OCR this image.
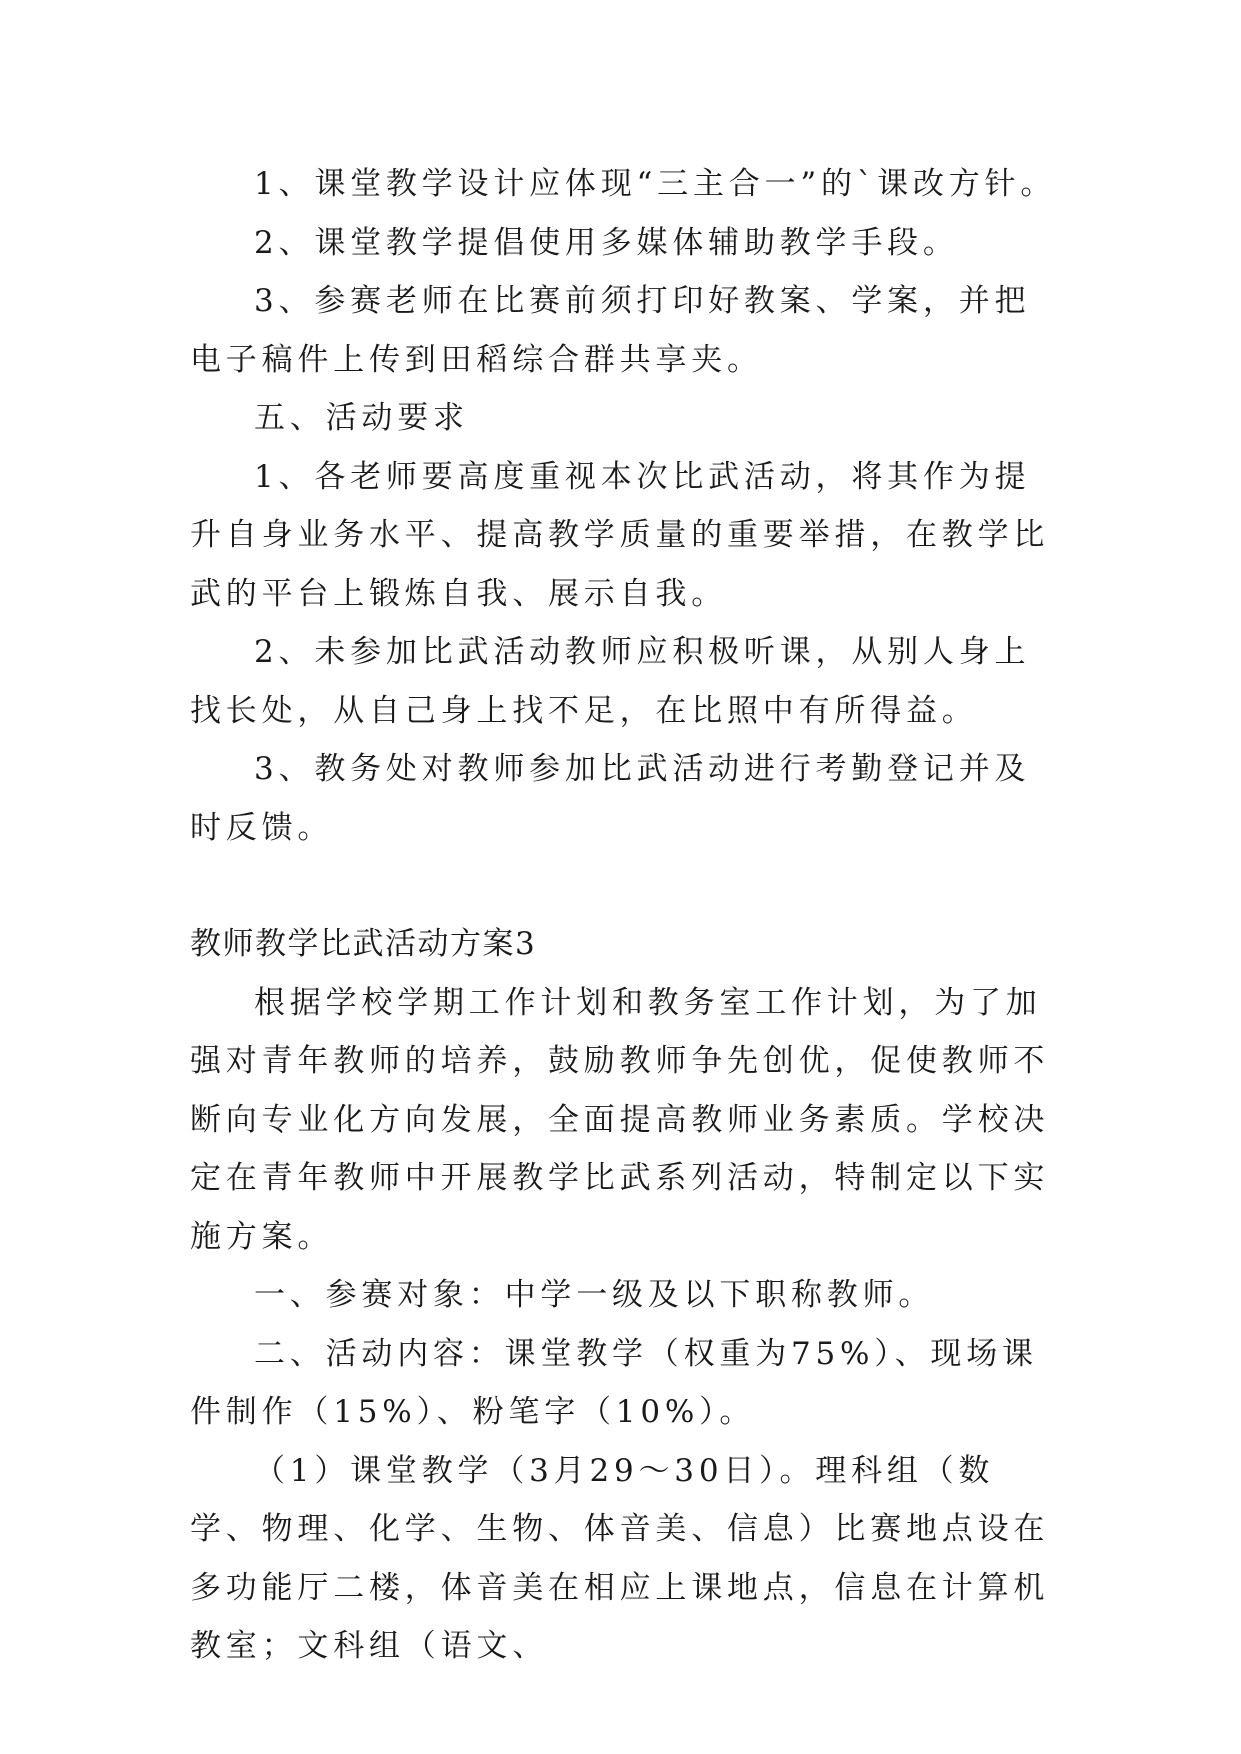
1、课堂教学设计应体现“三主合一”的`课改方针。

2、课堂教学提倡使用多媒体辅助教学手段。

3、参赛老师在比赛前须打印好教案、学案，并把电子稿件上传到田稻综合群共享夹。

五、活动要求

1、各老师要高度重视本次比武活动，将其作为提升自身业务水平、提高教学质量的重要举措，在教学比武的平台上锻炼自我、展示自我。

2、未参加比武活动教师应积极听课，从别人身上找长处，从自己身上找不足，在比照中有所得益。

3、教务处对教师参加比武活动进行考勤登记并及时反馈。

教师教学比武活动方案3

根据学校学期工作计划和教务室工作计划，为了加强对青年教师的培养，鼓励教师争先创优，促使教师不断向专业化方向发展，全面提高教师业务素质。学校决定在青年教师中开展教学比武系列活动，特制定以下实施方案。

一、参赛对象：中学一级及以下职称教师。

二、活动内容：课堂教学（权重为75%）、现场课件制作（15%）、粉笔字（10%）。

（1）课堂教学（3月29～30日）。理科组（数学、物理、化学、生物、体音美、信息）比赛地点设在多功能厅二楼，体音美在相应上课地点，信息在计算机教室；文科组（语文、
